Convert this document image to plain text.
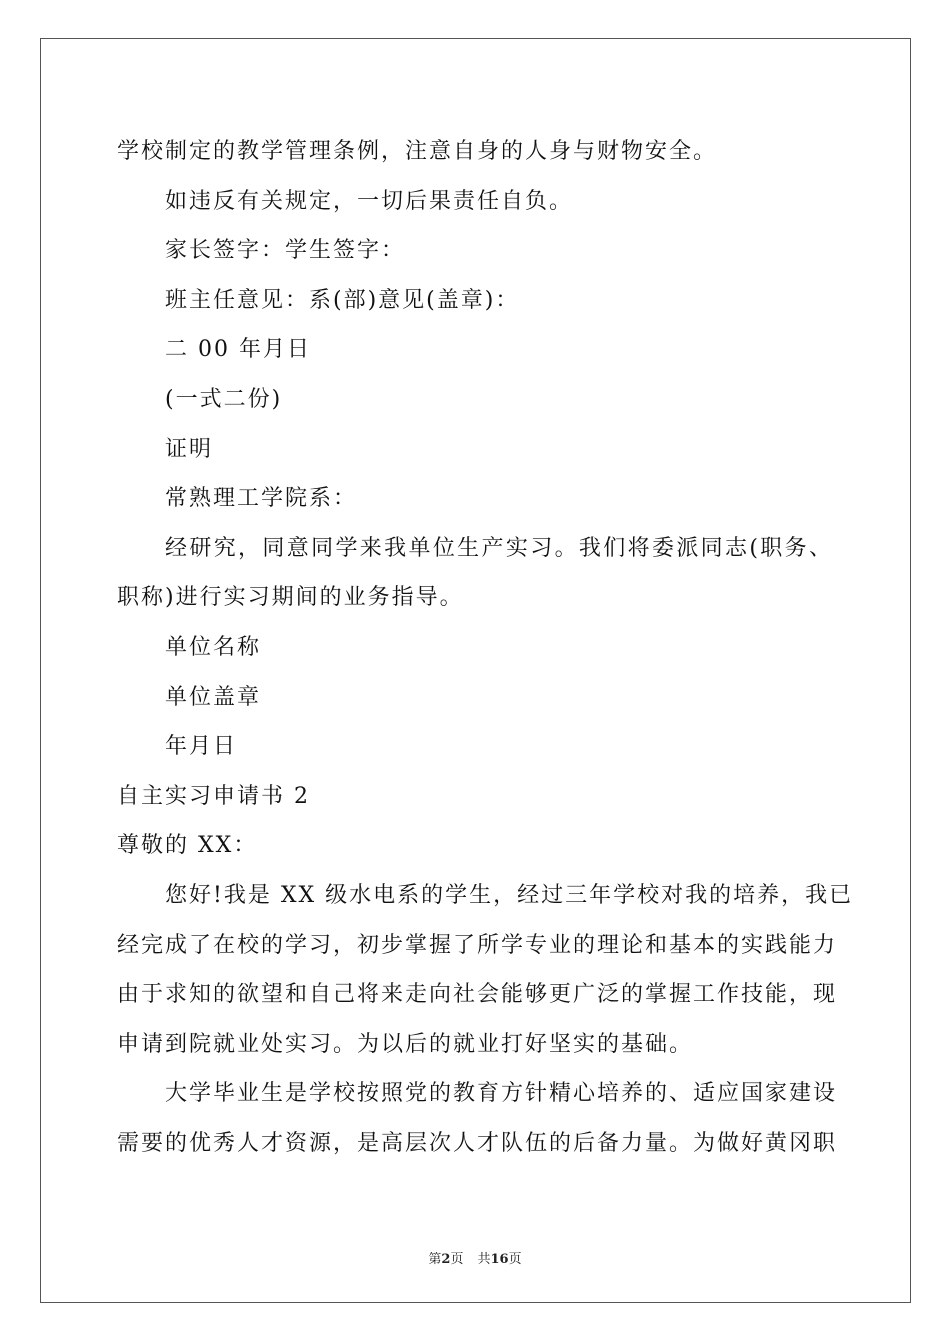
学校制定的教学管理条例，注意自身的人身与财物安全。
如违反有关规定，一切后果责任自负。
家长签字：学生签字：
班主任意见：系(部)意见(盖章)：
二 00 年月日
(一式二份)
证明
常熟理工学院系：
经研究，同意同学来我单位生产实习。我们将委派同志(职务、
职称)进行实习期间的业务指导。
单位名称
单位盖章
年月日
自主实习申请书 2
尊敬的 XX：
您好!我是 XX 级水电系的学生，经过三年学校对我的培养，我已
经完成了在校的学习，初步掌握了所学专业的理论和基本的实践能力
由于求知的欲望和自己将来走向社会能够更广泛的掌握工作技能，现
申请到院就业处实习。为以后的就业打好坚实的基础。
大学毕业生是学校按照党的教育方针精心培养的、适应国家建设
需要的优秀人才资源，是高层次人才队伍的后备力量。为做好黄冈职
第2页 共16页
